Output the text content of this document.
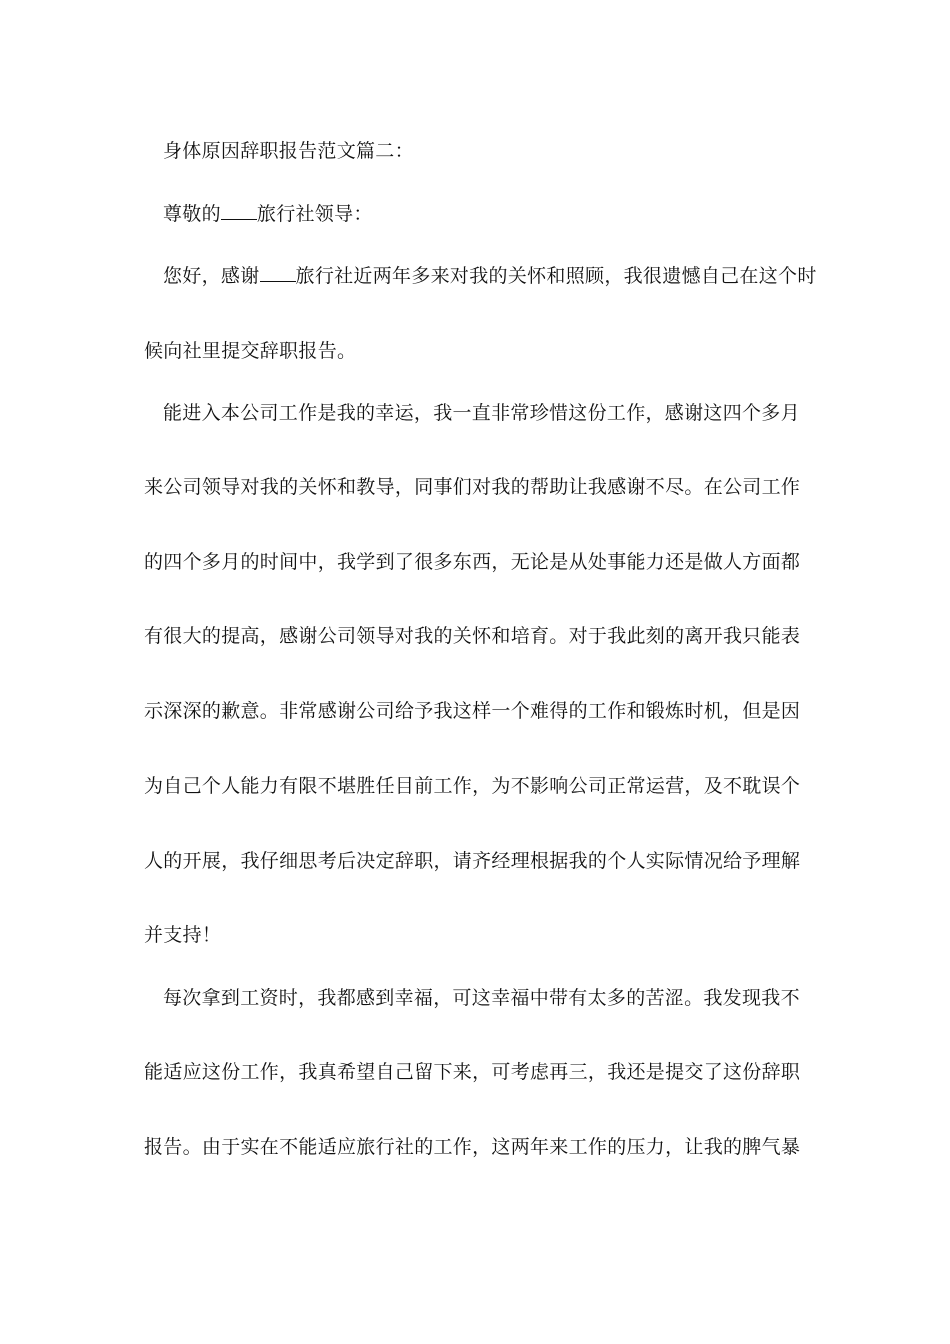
身体原因辞职报告范文篇二：
尊敬的 旅行社领导：
您好，感谢 旅行社近两年多来对我的关怀和照顾，我很遗憾自己在这个时
候向社里提交辞职报告。
能进入本公司工作是我的幸运，我一直非常珍惜这份工作，感谢这四个多月
来公司领导对我的关怀和教导，同事们对我的帮助让我感谢不尽。在公司工作
的四个多月的时间中，我学到了很多东西，无论是从处事能力还是做人方面都
有很大的提高，感谢公司领导对我的关怀和培育。对于我此刻的离开我只能表
示深深的歉意。非常感谢公司给予我这样一个难得的工作和锻炼时机，但是因
为自己个人能力有限不堪胜任目前工作，为不影响公司正常运营，及不耽误个
人的开展，我仔细思考后决定辞职，请齐经理根据我的个人实际情况给予理解
并支持！
每次拿到工资时，我都感到幸福，可这幸福中带有太多的苦涩。我发现我不
能适应这份工作，我真希望自己留下来，可考虑再三，我还是提交了这份辞职
报告。由于实在不能适应旅行社的工作，这两年来工作的压力，让我的脾气暴
